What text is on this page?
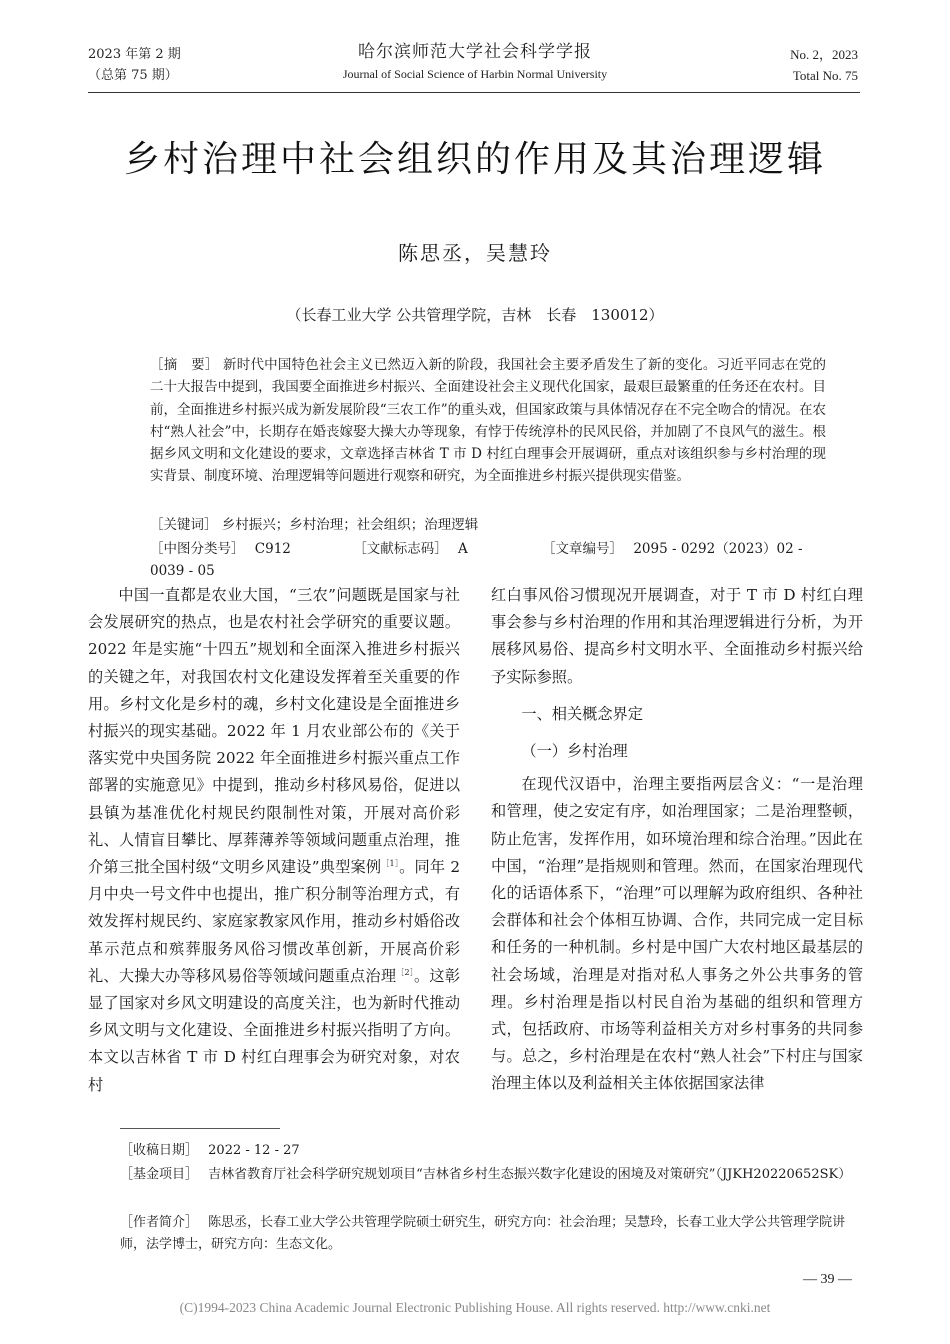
2023 年第 2 期
（总第 75 期）
哈尔滨师范大学社会科学学报
Journal of Social Science of Harbin Normal University
No. 2，2023
Total No. 75
乡村治理中社会组织的作用及其治理逻辑
陈思丞，吴慧玲
（长春工业大学 公共管理学院，吉林　长春　130012）
［摘　要］ 新时代中国特色社会主义已然迈入新的阶段，我国社会主要矛盾发生了新的变化。习近平同志在党的二十大报告中提到，我国要全面推进乡村振兴、全面建设社会主义现代化国家，最艰巨最繁重的任务还在农村。目前，全面推进乡村振兴成为新发展阶段“三农工作”的重头戏，但国家政策与具体情况存在不完全吻合的情况。在农村“熟人社会”中，长期存在婚丧嫁娶大操大办等现象，有悖于传统淳朴的民风民俗，并加剧了不良风气的滋生。根据乡风文明和文化建设的要求，文章选择吉林省 T 市 D 村红白理事会开展调研，重点对该组织参与乡村治理的现实背景、制度环境、治理逻辑等问题进行观察和研究，为全面推进乡村振兴提供现实借鉴。
［关键词］ 乡村振兴；乡村治理；社会组织；治理逻辑
［中图分类号］ C912	［文献标志码］ A	［文章编号］ 2095 - 0292（2023）02 - 0039 - 05

中国一直都是农业大国，“三农”问题既是国家与社会发展研究的热点，也是农村社会学研究的重要议题。2022 年是实施“十四五”规划和全面深入推进乡村振兴的关键之年，对我国农村文化建设发挥着至关重要的作用。乡村文化是乡村的魂，乡村文化建设是全面推进乡村振兴的现实基础。2022 年 1 月农业部公布的《关于落实党中央国务院 2022 年全面推进乡村振兴重点工作部署的实施意见》中提到，推动乡村移风易俗，促进以县镇为基准优化村规民约限制性对策，开展对高价彩礼、人情盲目攀比、厚葬薄养等领域问题重点治理，推介第三批全国村级“文明乡风建设”典型案例$^{[1]}$。同年 2 月中央一号文件中也提出，推广积分制等治理方式，有效发挥村规民约、家庭家教家风作用，推动乡村婚俗改革示范点和殡葬服务风俗习惯改革创新，开展高价彩礼、大操大办等移风易俗等领域问题重点治理$^{[2]}$。这彰显了国家对乡风文明建设的高度关注，也为新时代推动乡风文明与文化建设、全面推进乡村振兴指明了方向。本文以吉林省 T 市 D 村红白理事会为研究对象，对农村

红白事风俗习惯现况开展调查，对于 T 市 D 村红白理事会参与乡村治理的作用和其治理逻辑进行分析，为开展移风易俗、提高乡村文明水平、全面推动乡村振兴给予实际参照。

一、相关概念界定
（一）乡村治理

在现代汉语中，治理主要指两层含义：“一是治理和管理，使之安定有序，如治理国家；二是治理整顿，防止危害，发挥作用，如环境治理和综合治理。”因此在中国，“治理”是指规则和管理。然而，在国家治理现代化的话语体系下，“治理”可以理解为政府组织、各种社会群体和社会个体相互协调、合作，共同完成一定目标和任务的一种机制。乡村是中国广大农村地区最基层的社会场域，治理是对指对私人事务之外公共事务的管理。乡村治理是指以村民自治为基础的组织和管理方式，包括政府、市场等利益相关方对乡村事务的共同参与。总之，乡村治理是在农村“熟人社会”下村庄与国家治理主体以及利益相关主体依据国家法律

［收稿日期］ 2022 - 12 - 27
［基金项目］ 吉林省教育厅社会科学研究规划项目“吉林省乡村生态振兴数字化建设的困境及对策研究”（JJKH20220652SK）
［作者简介］ 陈思丞，长春工业大学公共管理学院硕士研究生，研究方向：社会治理；吴慧玲，长春工业大学公共管理学院讲师，法学博士，研究方向：生态文化。
— 39 —
(C)1994-2023 China Academic Journal Electronic Publishing House. All rights reserved. http://www.cnki.net
